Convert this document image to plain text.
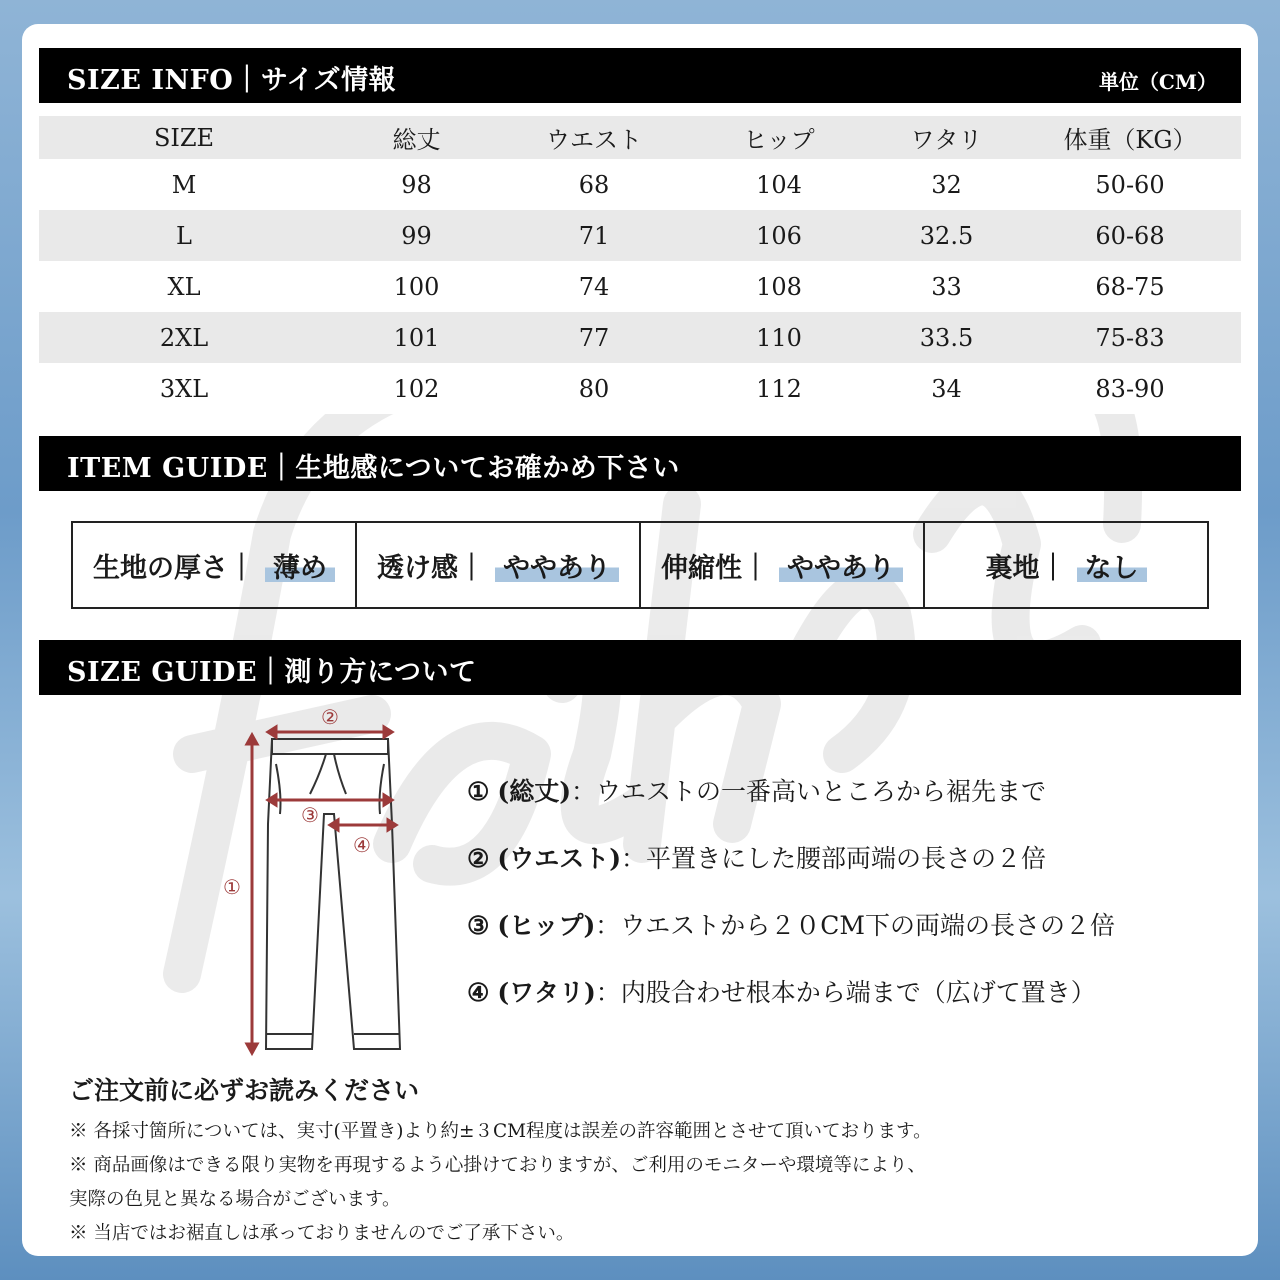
SIZE INFO｜サイズ情報	単位（CM）
SIZE	総丈	ウエスト	ヒップ	ワタリ	体重（KG）
M	98	68	104	32	50-60
L	99	71	106	32.5	60-68
XL	100	74	108	33	68-75
2XL	101	77	110	33.5	75-83
3XL	102	80	112	34	83-90
ITEM GUIDE｜生地感についてお確かめ下さい
生地の厚さ｜ 薄め 透け感｜ ややあり 伸縮性｜ ややあり	裏地｜ なし
SIZE GUIDE｜測り方について
②
③
④
①
① (総丈)：ウエストの一番高いところから裾先まで
② (ウエスト)：平置きにした腰部両端の長さの２倍
③ (ヒップ)：ウエストから２０CM下の両端の長さの２倍
④ (ワタリ)：内股合わせ根本から端まで（広げて置き）
ご注文前に必ずお読みください
※ 各採寸箇所については、実寸(平置き)より約±３CM程度は誤差の許容範囲とさせて頂いております。
※ 商品画像はできる限り実物を再現するよう心掛けておりますが、ご利用のモニターや環境等により、
実際の色見と異なる場合がございます。
※ 当店ではお裾直しは承っておりませんのでご了承下さい。
